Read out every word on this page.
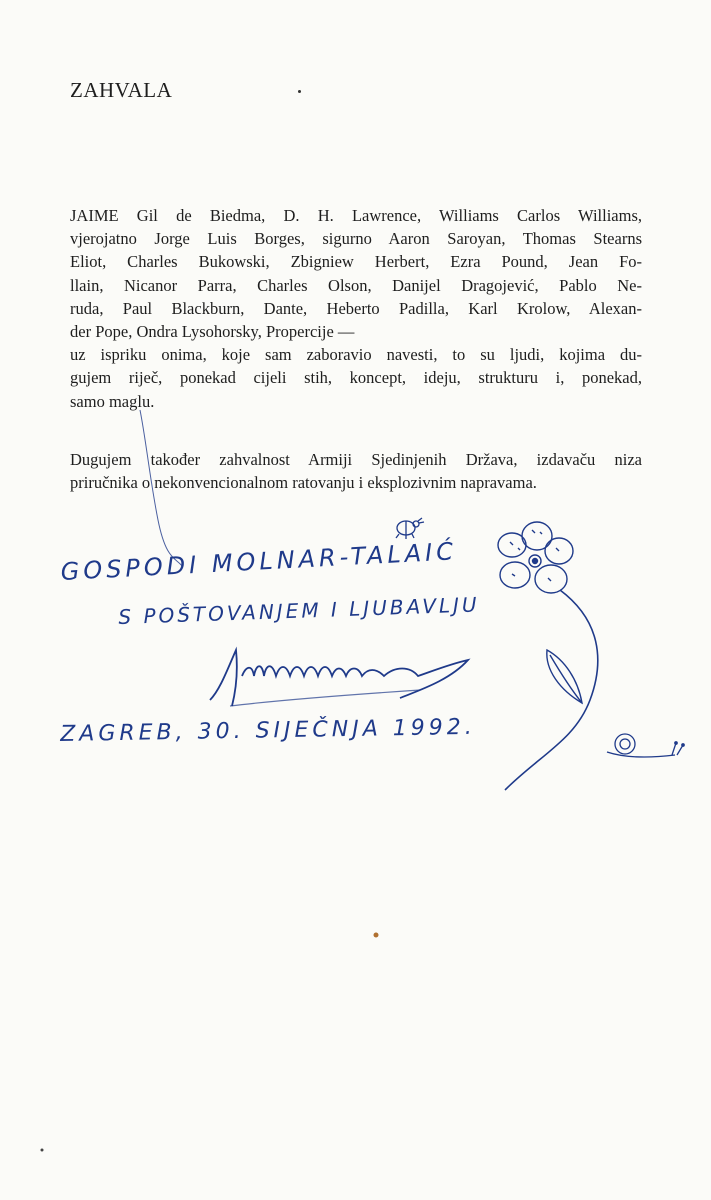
ZAHVALA

JAIME Gil de Biedma, D. H. Lawrence, Williams Carlos Williams,
vjerojatno Jorge Luis Borges, sigurno Aaron Saroyan, Thomas Stearns
Eliot, Charles Bukowski, Zbigniew Herbert, Ezra Pound, Jean Fo-
llain, Nicanor Parra, Charles Olson, Danijel Dragojević, Pablo Ne-
ruda, Paul Blackburn, Dante, Heberto Padilla, Karl Krolow, Alexan-
der Pope, Ondra Lysohorsky, Propercije —
uz ispriku onima, koje sam zaboravio navesti, to su ljudi, kojima du-
gujem riječ, ponekad cijeli stih, koncept, ideju, strukturu i, ponekad,
samo maglu.

Dugujem također zahvalnost Armiji Sjedinjenih Država, izdavaču niza
priručnika o nekonvencionalnom ratovanju i eksplozivnim napravama.

GOSPODI MOLNAR-TALAIĆ
S POŠTOVANJEM I LJUBAVLJU
ZAGREB, 30. SIJEČNJA 1992.
